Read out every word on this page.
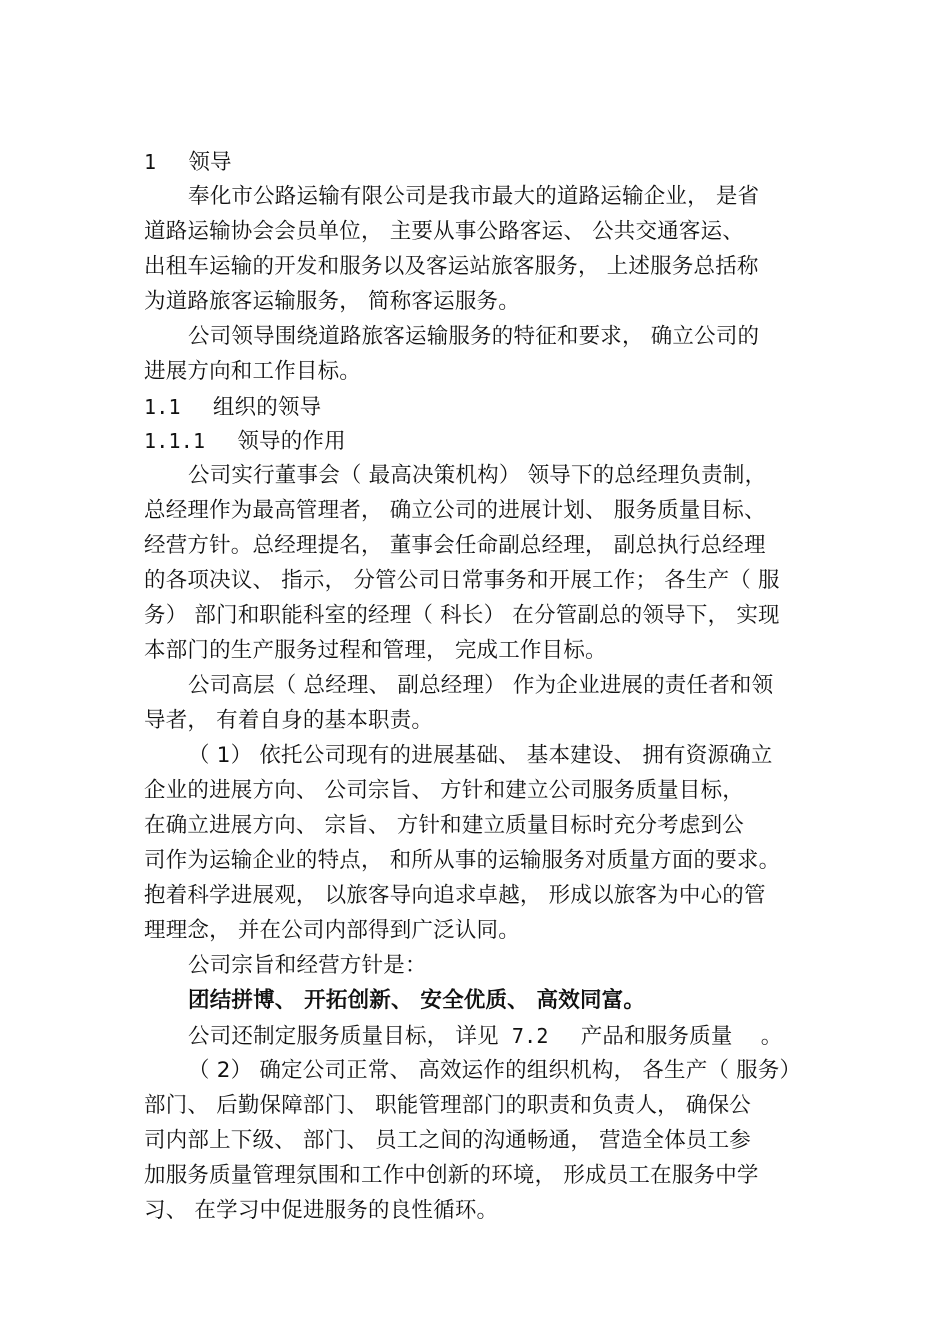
1 领导
奉化市公路运输有限公司是我市最大的道路运输企业， 是省
道路运输协会会员单位， 主要从事公路客运、 公共交通客运、
出租车运输的开发和服务以及客运站旅客服务， 上述服务总括称
为道路旅客运输服务， 简称客运服务。
公司领导围绕道路旅客运输服务的特征和要求， 确立公司的
进展方向和工作目标。
1.1 组织的领导
1.1.1 领导的作用
公司实行董事会（ 最高决策机构） 领导下的总经理负责制，
总经理作为最高管理者， 确立公司的进展计划、 服务质量目标、
经营方针。总经理提名， 董事会任命副总经理， 副总执行总经理
的各项决议、 指示， 分管公司日常事务和开展工作； 各生产（ 服
务） 部门和职能科室的经理（ 科长） 在分管副总的领导下， 实现
本部门的生产服务过程和管理， 完成工作目标。
公司高层（ 总经理、 副总经理） 作为企业进展的责任者和领
导者， 有着自身的基本职责。
（ 1） 依托公司现有的进展基础、 基本建设、 拥有资源确立
企业的进展方向、 公司宗旨、 方针和建立公司服务质量目标，
在确立进展方向、 宗旨、 方针和建立质量目标时充分考虑到公
司作为运输企业的特点， 和所从事的运输服务对质量方面的要求。
抱着科学进展观， 以旅客导向追求卓越， 形成以旅客为中心的管
理理念， 并在公司内部得到广泛认同。
公司宗旨和经营方针是：
团结拼博、 开拓创新、 安全优质、 高效同富。
公司还制定服务质量目标， 详见 7.2 产品和服务质量 。
（ 2） 确定公司正常、 高效运作的组织机构， 各生产（ 服务）
部门、 后勤保障部门、 职能管理部门的职责和负责人， 确保公
司内部上下级、 部门、 员工之间的沟通畅通， 营造全体员工参
加服务质量管理氛围和工作中创新的环境， 形成员工在服务中学
习、 在学习中促进服务的良性循环。
